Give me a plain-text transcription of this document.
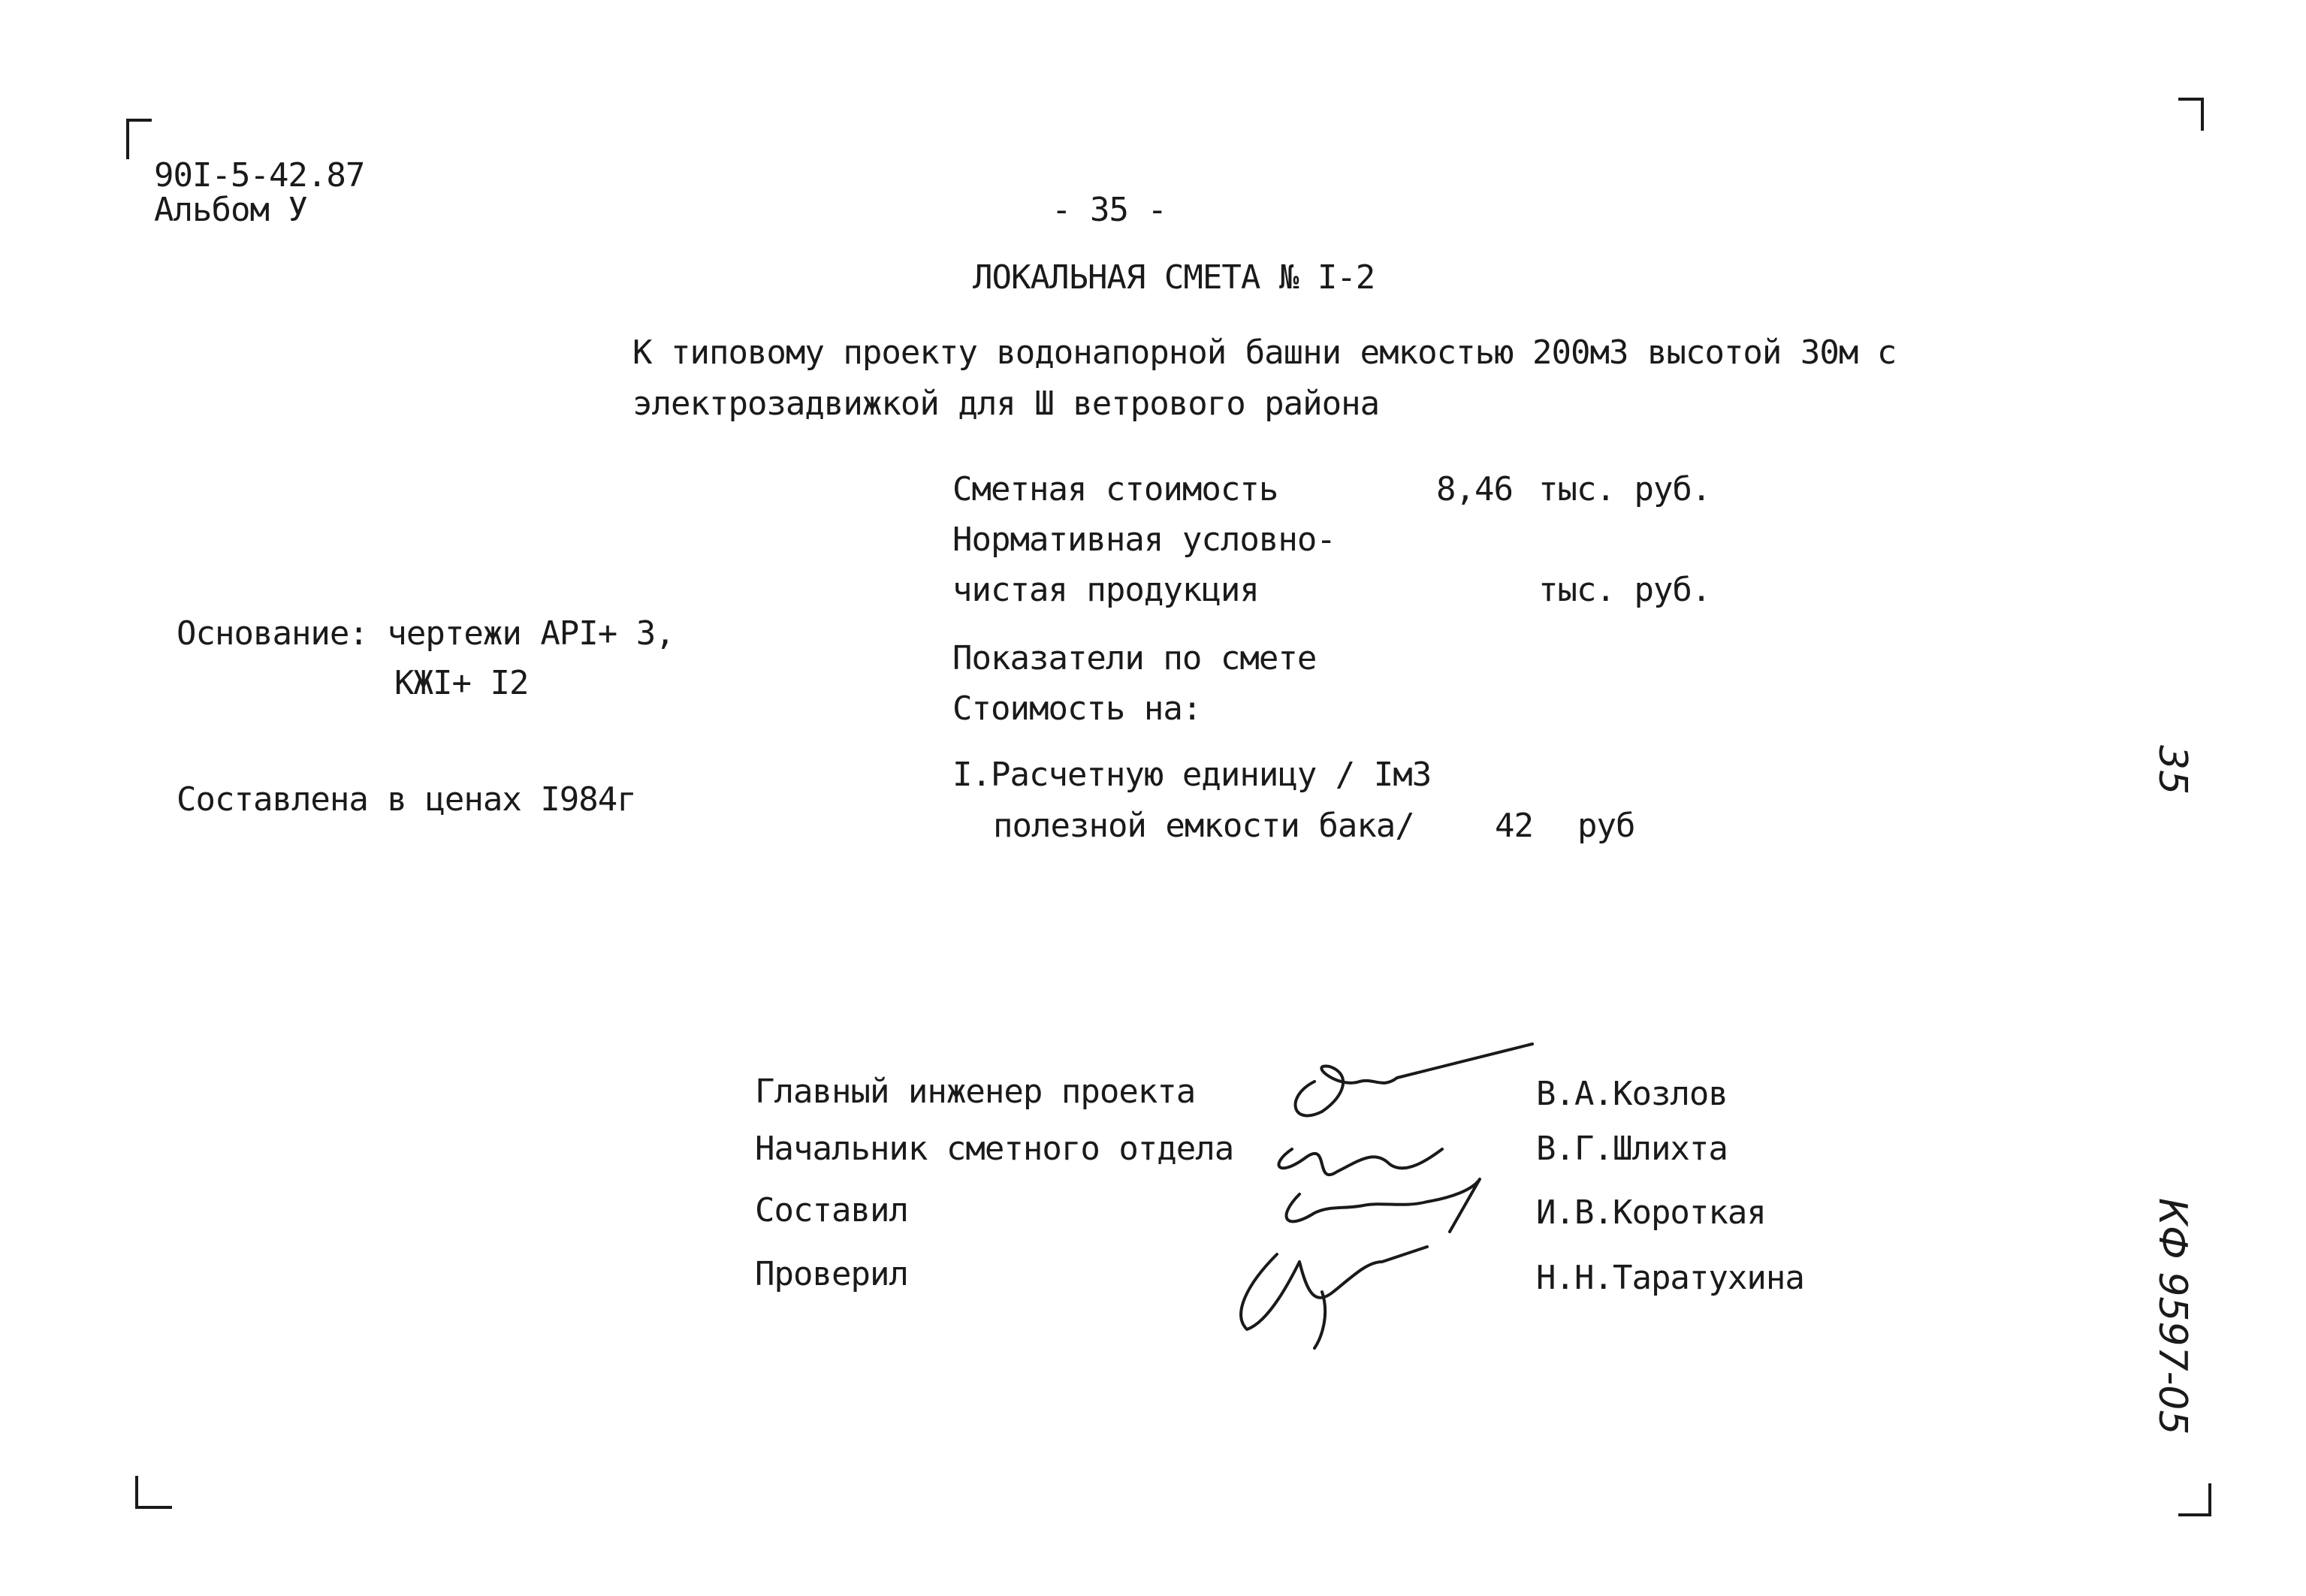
90I-5-42.87
Альбом У	- 35 -
ЛОКАЛЬНАЯ СМЕТА № I-2
К типовому проекту водонапорной башни емкостью 200м3 высотой 30м с
электрозадвижкой для Ш ветрового района
Сметная стоимость	8,46 тыс. руб.
Нормативная условно-
чистая продукция	тыс. руб.
Основание: чертежи АРI+ 3,
КЖI+ I2
Показатели по смете
Стоимость на:
Составлена в ценах I984г
I.Расчетную единицу / Iм3
полезной емкости бака/ 42 руб
Главный инженер проекта	В.А.Козлов
Начальник сметного отдела	В.Г.Шлихта
Составил	И.В.Короткая
Проверил	Н.Н.Таратухина
35
КФ 9597-05
